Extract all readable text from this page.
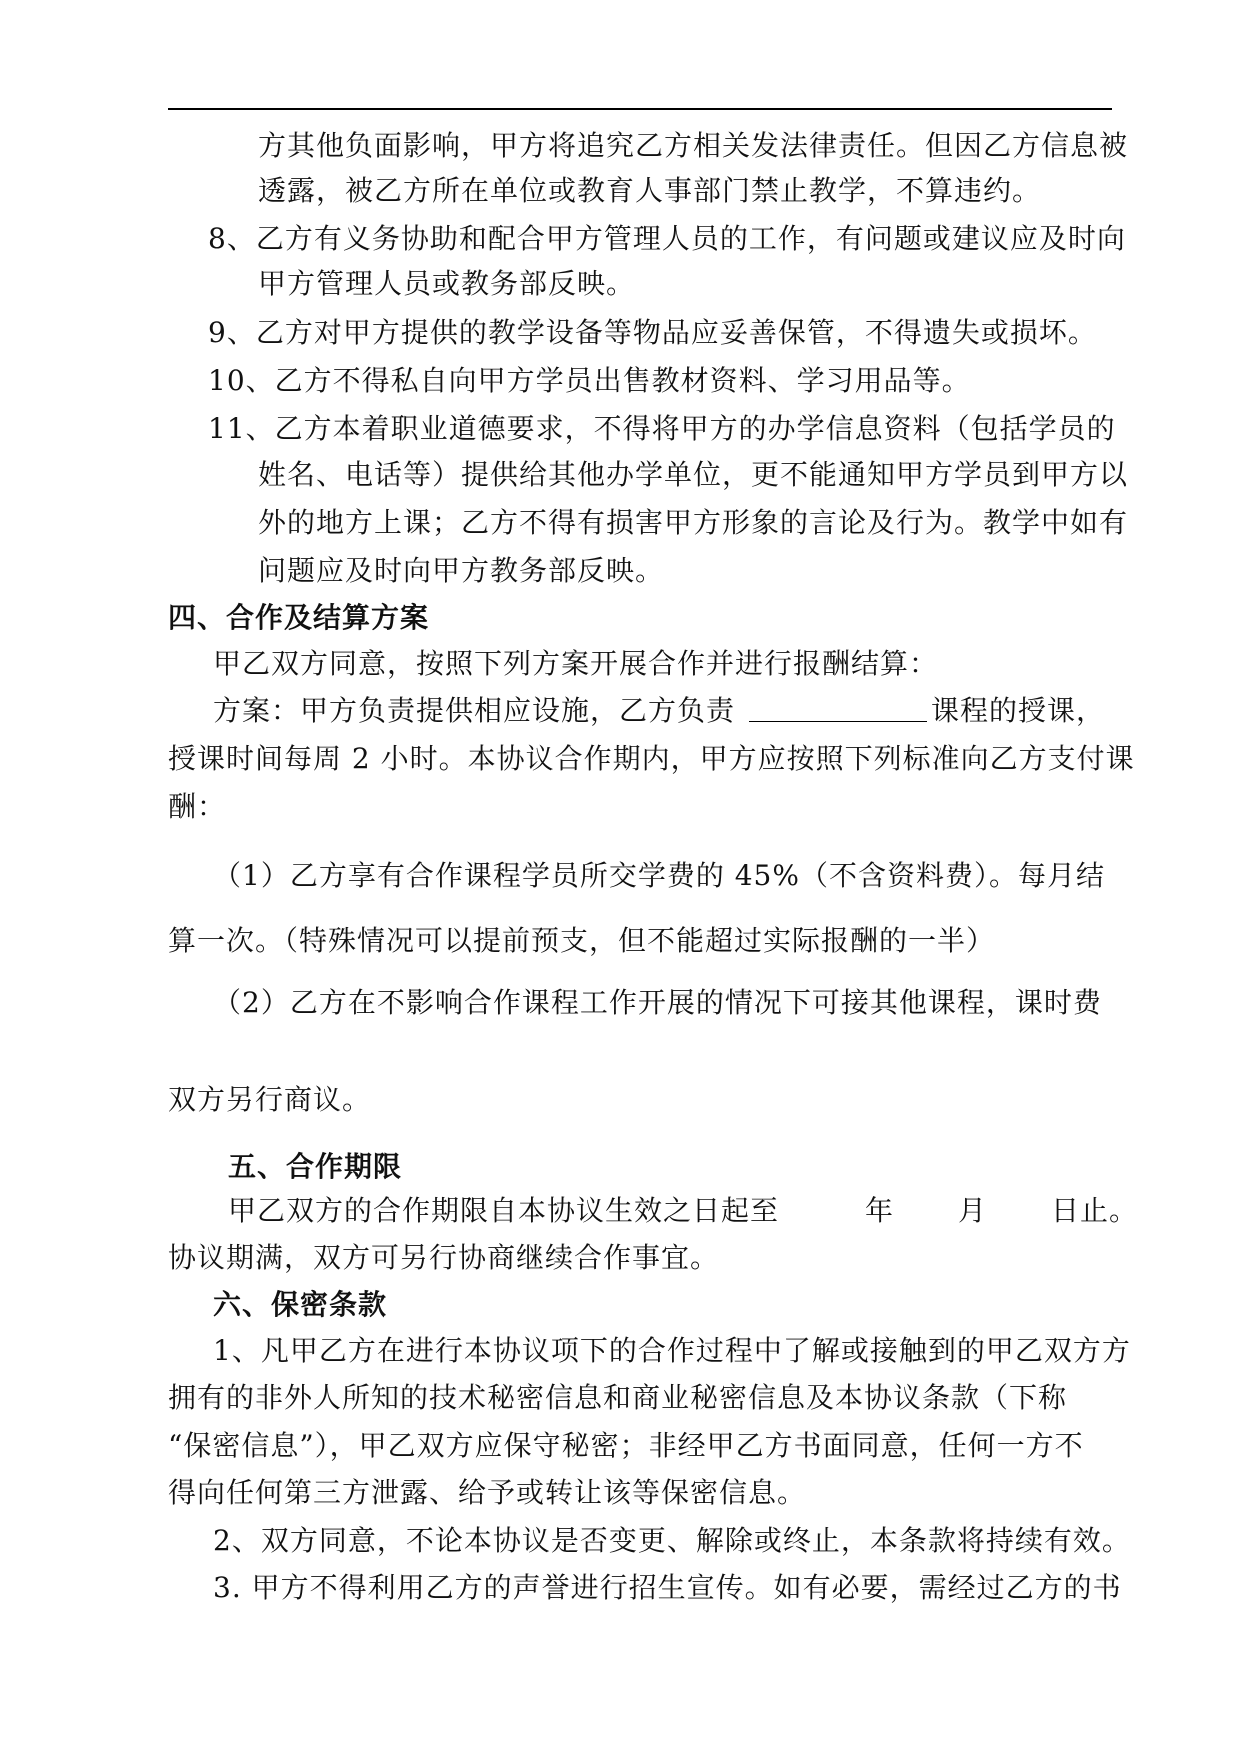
方其他负面影响，甲方将追究乙方相关发法律责任。但因乙方信息被
透露，被乙方所在单位或教育人事部门禁止教学，不算违约。
8、乙方有义务协助和配合甲方管理人员的工作，有问题或建议应及时向
甲方管理人员或教务部反映。
9、乙方对甲方提供的教学设备等物品应妥善保管，不得遗失或损坏。
10、乙方不得私自向甲方学员出售教材资料、学习用品等。
11、乙方本着职业道德要求，不得将甲方的办学信息资料（包括学员的
姓名、电话等）提供给其他办学单位，更不能通知甲方学员到甲方以
外的地方上课；乙方不得有损害甲方形象的言论及行为。教学中如有
问题应及时向甲方教务部反映。
四、合作及结算方案
甲乙双方同意，按照下列方案开展合作并进行报酬结算：
方案：甲方负责提供相应设施，乙方负责	课程的授课，
授课时间每周 2 小时。本协议合作期内，甲方应按照下列标准向乙方支付课
酬：
（1）乙方享有合作课程学员所交学费的 45%（不含资料费）。每月结
算一次。（特殊情况可以提前预支，但不能超过实际报酬的一半）
（2）乙方在不影响合作课程工作开展的情况下可接其他课程，课时费
双方另行商议。
五、合作期限
甲乙双方的合作期限自本协议生效之日起至	年 月 日止。
协议期满，双方可另行协商继续合作事宜。
六、保密条款
1、凡甲乙方在进行本协议项下的合作过程中了解或接触到的甲乙双方方
拥有的非外人所知的技术秘密信息和商业秘密信息及本协议条款（下称
“保密信息”），甲乙双方应保守秘密；非经甲乙方书面同意，任何一方不
得向任何第三方泄露、给予或转让该等保密信息。
2、双方同意，不论本协议是否变更、解除或终止，本条款将持续有效。
3. 甲方不得利用乙方的声誉进行招生宣传。如有必要，需经过乙方的书
